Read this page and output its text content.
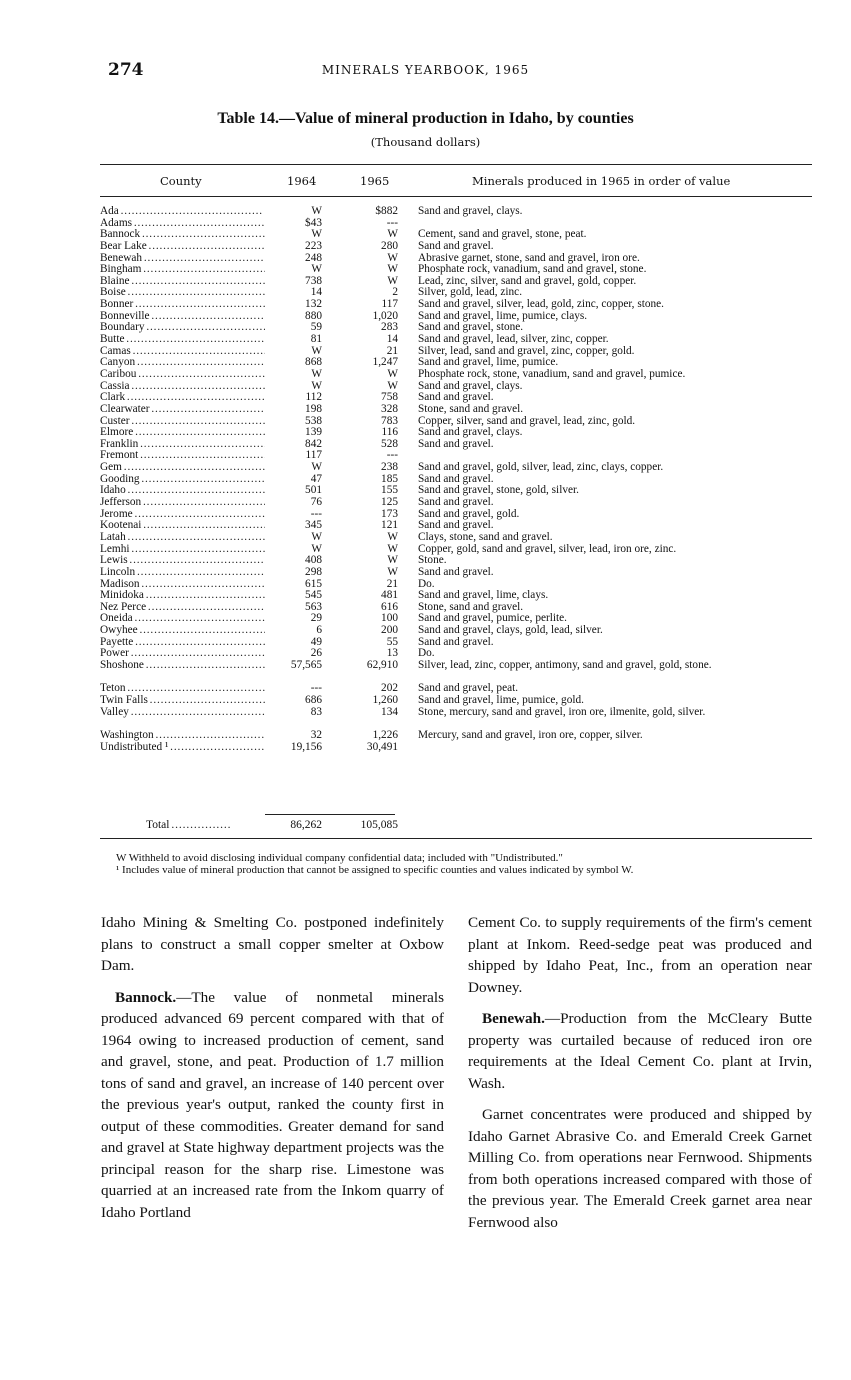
274	MINERALS YEARBOOK, 1965
Table 14.—Value of mineral production in Idaho, by counties
(Thousand dollars)
County	1964	1965	Minerals produced in 1965 in order of value
Ada . . .	W	$882 Sand and gravel, clays.
Adams . . .	$43	---
Bannock . . .	W	W Cement, sand and gravel, stone, peat.
Bear Lake . . .	223	280 Sand and gravel.
Benewah . . .	248	W Abrasive garnet, stone, sand and gravel, iron ore.
Bingham . . .	W	W Phosphate rock, vanadium, sand and gravel, stone.
Blaine . . .	738	W Lead, zinc, silver, sand and gravel, gold, copper.
Boise . . .	14	2 Silver, gold, lead, zinc.
Bonner . . .	132	117 Sand and gravel, silver, lead, gold, zinc, copper, stone.
Bonneville . . .	880	1,020 Sand and gravel, lime, pumice, clays.
Boundary . . .	59	283 Sand and gravel, stone.
Butte . . .	81	14 Sand and gravel, lead, silver, zinc, copper.
Camas . . .	W	21 Silver, lead, sand and gravel, zinc, copper, gold.
Canyon . . .	868	1,247 Sand and gravel, lime, pumice.
Caribou . . .	W	W Phosphate rock, stone, vanadium, sand and gravel, pumice.
Cassia . . .	W	W Sand and gravel, clays.
Clark . . .	112	758 Sand and gravel.
Clearwater . . .	198	328 Stone, sand and gravel.
Custer . . .	538	783 Copper, silver, sand and gravel, lead, zinc, gold.
Elmore . . .	139	116 Sand and gravel, clays.
Franklin . . .	842	528 Sand and gravel.
Fremont . . .	117	---
Gem . . .	W	238 Sand and gravel, gold, silver, lead, zinc, clays, copper.
Gooding . . .	47	185 Sand and gravel.
Idaho . . .	501	155 Sand and gravel, stone, gold, silver.
Jefferson . . .	76	125 Sand and gravel.
Jerome . . .	---	173 Sand and gravel, gold.
Kootenai . . .	345	121 Sand and gravel.
Latah . . .	W	W Clays, stone, sand and gravel.
Lemhi . . .	W	W Copper, gold, sand and gravel, silver, lead, iron ore, zinc.
Lewis . . .	408	W Stone.
Lincoln . . .	298	W Sand and gravel.
Madison . . .	615	21 Do.
Minidoka . . .	545	481 Sand and gravel, lime, clays.
Nez Perce . . .	563	616 Stone, sand and gravel.
Oneida . . .	29	100 Sand and gravel, pumice, perlite.
Owyhee . . .	6	200 Sand and gravel, clays, gold, lead, silver.
Payette . . .	49	55 Sand and gravel.
Power . . .	26	13 Do.
Shoshone . . .	57,565	62,910 Silver, lead, zinc, copper, antimony, sand and gravel, gold, stone.
Teton . . .	---	202 Sand and gravel, peat.
Twin Falls . . .	686	1,260 Sand and gravel, lime, pumice, gold.
Valley . . .	83	134 Stone, mercury, sand and gravel, iron ore, ilmenite, gold, silver.
Washington . . .	32	1,226 Mercury, sand and gravel, iron ore, copper, silver.
Undistributed ¹ . . .	19,156	30,491
Total . . .	86,262	105,085
W Withheld to avoid disclosing individual company confidential data; included with "Undistributed."
¹ Includes value of mineral production that cannot be assigned to specific counties and values indicated by symbol W.

Idaho Mining & Smelting Co. postponed indefinitely plans to construct a small copper smelter at Oxbow Dam.

Bannock.—The value of nonmetal minerals produced advanced 69 percent compared with that of 1964 owing to increased production of cement, sand and gravel, stone, and peat. Production of 1.7 million tons of sand and gravel, an increase of 140 percent over the previous year's output, ranked the county first in output of these commodities. Greater demand for sand and gravel at State highway department projects was the principal reason for the sharp rise. Limestone was quarried at an increased rate from the Inkom quarry of Idaho Portland

Cement Co. to supply requirements of the firm's cement plant at Inkom. Reed-sedge peat was produced and shipped by Idaho Peat, Inc., from an operation near Downey.

Benewah.—Production from the McCleary Butte property was curtailed because of reduced iron ore requirements at the Ideal Cement Co. plant at Irvin, Wash.

Garnet concentrates were produced and shipped by Idaho Garnet Abrasive Co. and Emerald Creek Garnet Milling Co. from operations near Fernwood. Shipments from both operations increased compared with those of the previous year. The Emerald Creek garnet area near Fernwood also
